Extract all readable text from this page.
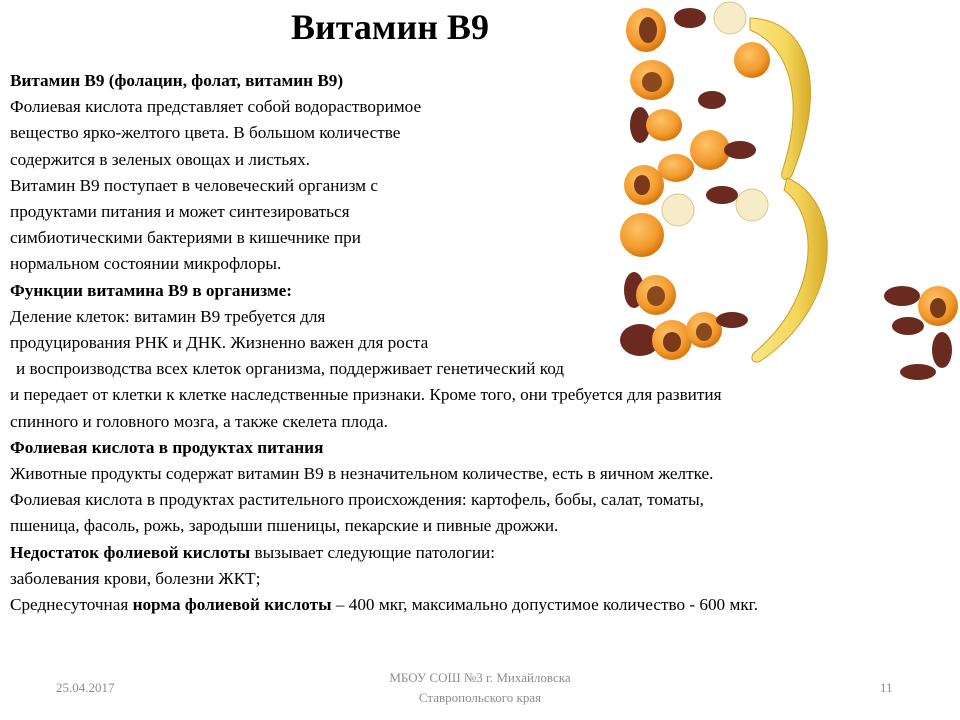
Витамин B9
Витамин В9 (фолацин, фолат, витамин В9)
Фолиевая кислота представляет собой водорастворимое
вещество ярко-желтого цвета. В большом количестве
содержится в зеленых овощах и листьях.
Витамин В9 поступает в человеческий организм с
продуктами питания и может синтезироваться
симбиотическими бактериями в кишечнике при
нормальном состоянии микрофлоры.
Функции витамина В9 в организме:
Деление клеток: витамин В9 требуется для
продуцирования РНК и ДНК. Жизненно важен для роста
и воспроизводства всех клеток организма, поддерживает генетический код
и передает от клетки к клетке наследственные признаки. Кроме того, они требуется для развития
спинного и головного мозга, а также скелета плода.
Фолиевая кислота в продуктах питания
Животные продукты содержат витамин В9 в незначительном количестве, есть в яичном желтке.
Фолиевая кислота в продуктах растительного происхождения: картофель, бобы, салат, томаты,
пшеница, фасоль, рожь, зародыши пшеницы, пекарские и пивные дрожжи.
Недостаток фолиевой кислоты вызывает следующие патологии:
заболевания крови, болезни ЖКТ;
Среднесуточная норма фолиевой кислоты – 400 мкг, максимально допустимое количество - 600 мкг.
25.04.2017
МБОУ СОШ №3 г. Михайловска
Ставропольского края
11
